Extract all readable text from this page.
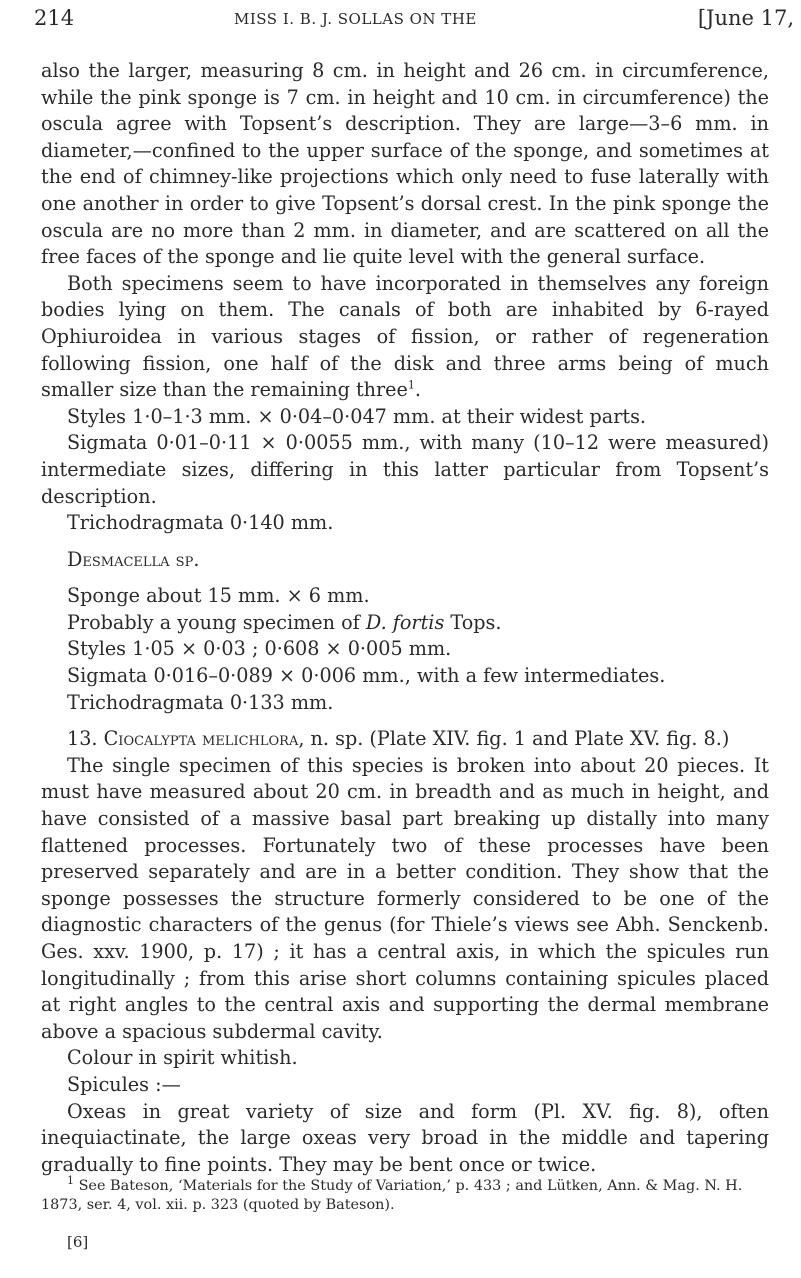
214	MISS I. B. J. SOLLAS ON THE	[June 17,

also the larger, measuring 8 cm. in height and 26 cm. in circumference, while the pink sponge is 7 cm. in height and 10 cm. in circumference) the oscula agree with Topsent’s description. They are large—3–6 mm. in diameter,—confined to the upper surface of the sponge, and sometimes at the end of chimney-like projections which only need to fuse laterally with one another in order to give Topsent’s dorsal crest. In the pink sponge the oscula are no more than 2 mm. in diameter, and are scattered on all the free faces of the sponge and lie quite level with the general surface.

Both specimens seem to have incorporated in themselves any foreign bodies lying on them. The canals of both are inhabited by 6-rayed Ophiuroidea in various stages of fission, or rather of regeneration following fission, one half of the disk and three arms being of much smaller size than the remaining three$^1$.

Styles 1·0–1·3 mm. × 0·04–0·047 mm. at their widest parts.

Sigmata 0·01–0·11 × 0·0055 mm., with many (10–12 were measured) intermediate sizes, differing in this latter particular from Topsent’s description.

Trichodragmata 0·140 mm.

Desmacella sp.

Sponge about 15 mm. × 6 mm.

Probably a young specimen of D. fortis Tops.

Styles 1·05 × 0·03 ; 0·608 × 0·005 mm.

Sigmata 0·016–0·089 × 0·006 mm., with a few intermediates.

Trichodragmata 0·133 mm.

13. Ciocalypta melichlora, n. sp. (Plate XIV. fig. 1 and Plate XV. fig. 8.)

The single specimen of this species is broken into about 20 pieces. It must have measured about 20 cm. in breadth and as much in height, and have consisted of a massive basal part breaking up distally into many flattened processes. Fortunately two of these processes have been preserved separately and are in a better condition. They show that the sponge possesses the structure formerly considered to be one of the diagnostic characters of the genus (for Thiele’s views see Abh. Senckenb. Ges. xxv. 1900, p. 17) ; it has a central axis, in which the spicules run longitudinally ; from this arise short columns containing spicules placed at right angles to the central axis and supporting the dermal membrane above a spacious subdermal cavity.

Colour in spirit whitish.

Spicules :—

Oxeas in great variety of size and form (Pl. XV. fig. 8), often inequiactinate, the large oxeas very broad in the middle and tapering gradually to fine points. They may be bent once or twice.

$^1$ See Bateson, ‘Materials for the Study of Variation,’ p. 433 ; and Lütken, Ann. & Mag. N. H. 1873, ser. 4, vol. xii. p. 323 (quoted by Bateson).

[6]
